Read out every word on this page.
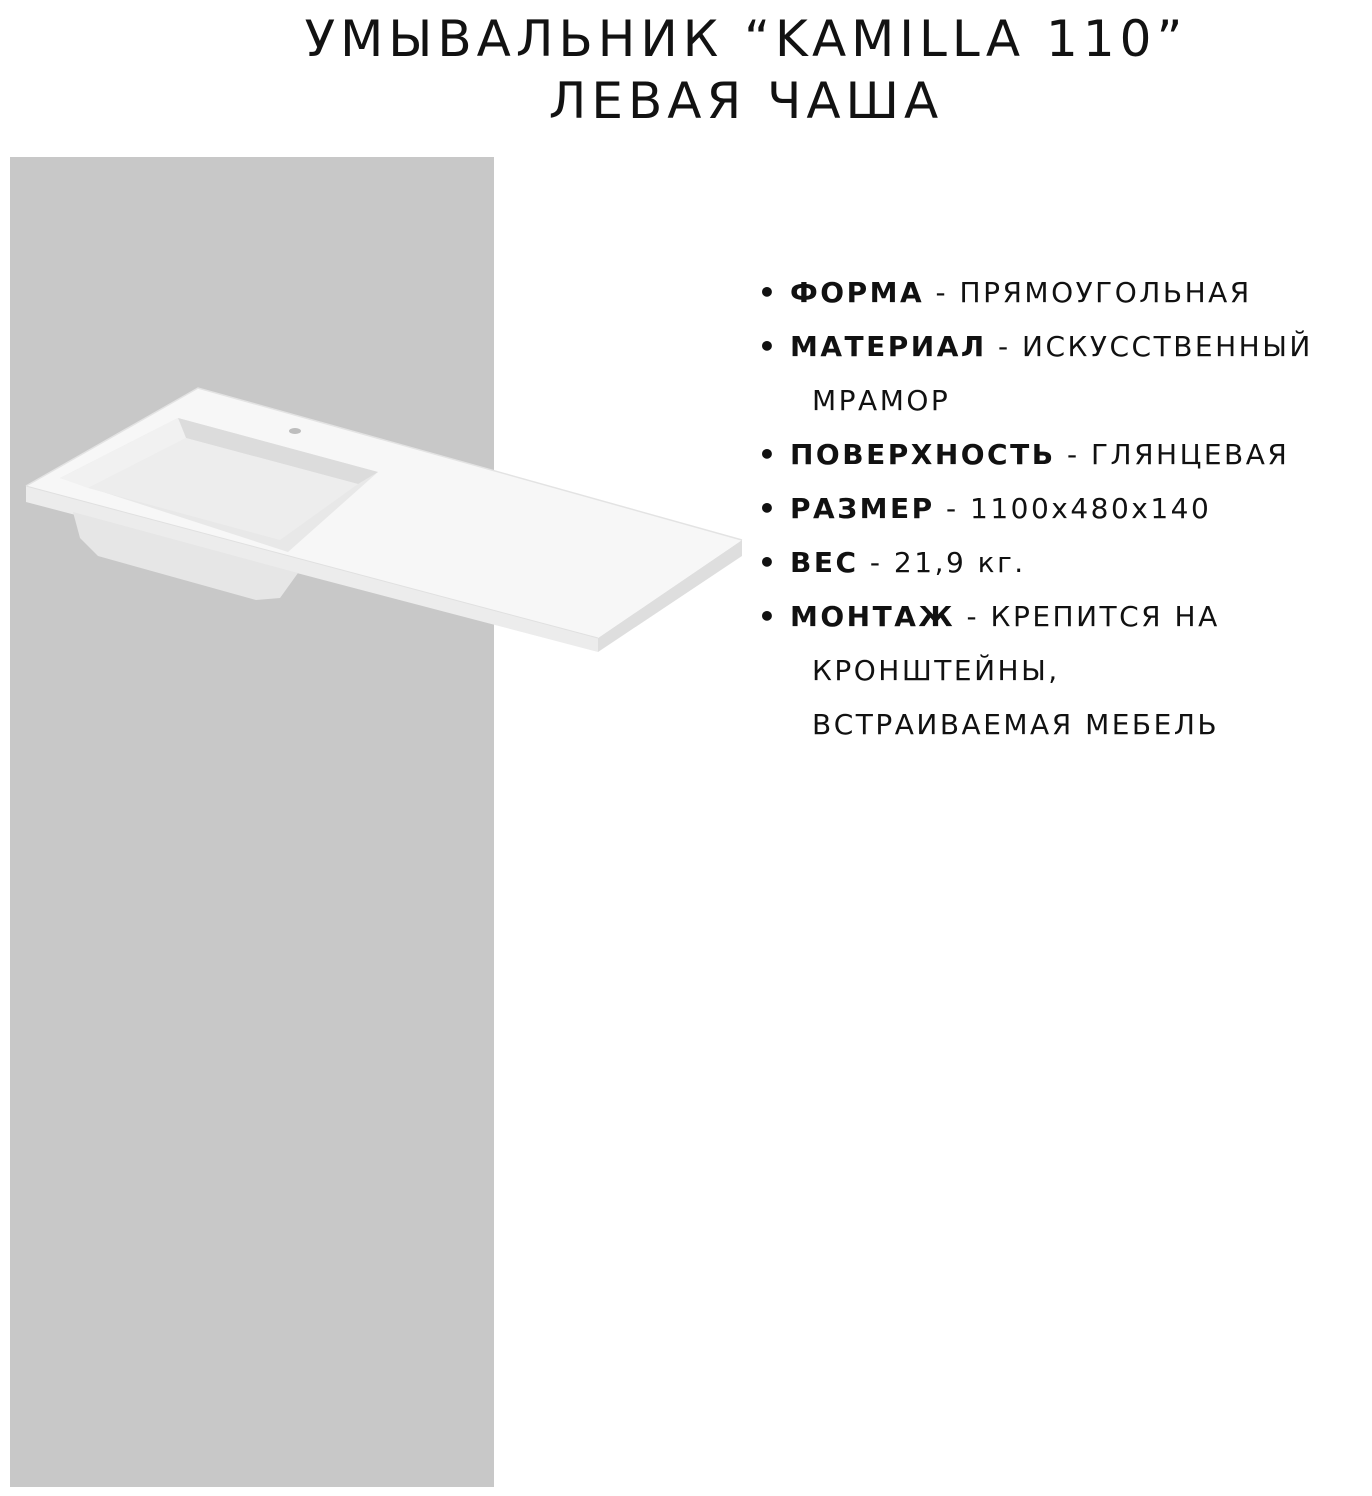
УМЫВАЛЬНИК “KAMILLA 110”
ЛЕВАЯ ЧАША
• ФОРМА - ПРЯМОУГОЛЬНАЯ
• МАТЕРИАЛ - ИСКУССТВЕННЫЙ
МРАМОР
• ПОВЕРХНОСТЬ - ГЛЯНЦЕВАЯ
• РАЗМЕР - 1100x480x140
• ВЕС - 21,9 кг.
• МОНТАЖ - КРЕПИТСЯ НА
КРОНШТЕЙНЫ,
ВСТРАИВАЕМАЯ МЕБЕЛЬ
